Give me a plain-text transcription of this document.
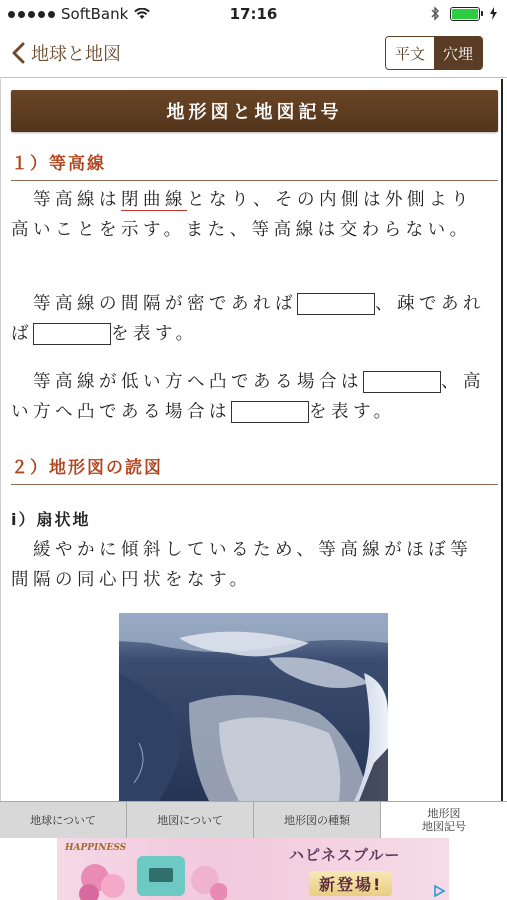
SoftBank	17:16
地球と地図	平文	穴埋
地形図と地図記号
１）等高線
　等高線は閉曲線となり、その内側は外側より高いことを示す。また、等高線は交わらない。
　等高線の間隔が密であれば	、疎であれば	を表す。
　等高線が低い方へ凸である場合は	、高い方へ凸である場合は	を表す。
２）地形図の読図
ⅰ）扇状地
　緩やかに傾斜しているため、等高線がほぼ等間隔の同心円状をなす。
地球について	地図について	地形図の種類	地形図
地図記号
HAPPINESS	ハピネスブルー
新登場!
